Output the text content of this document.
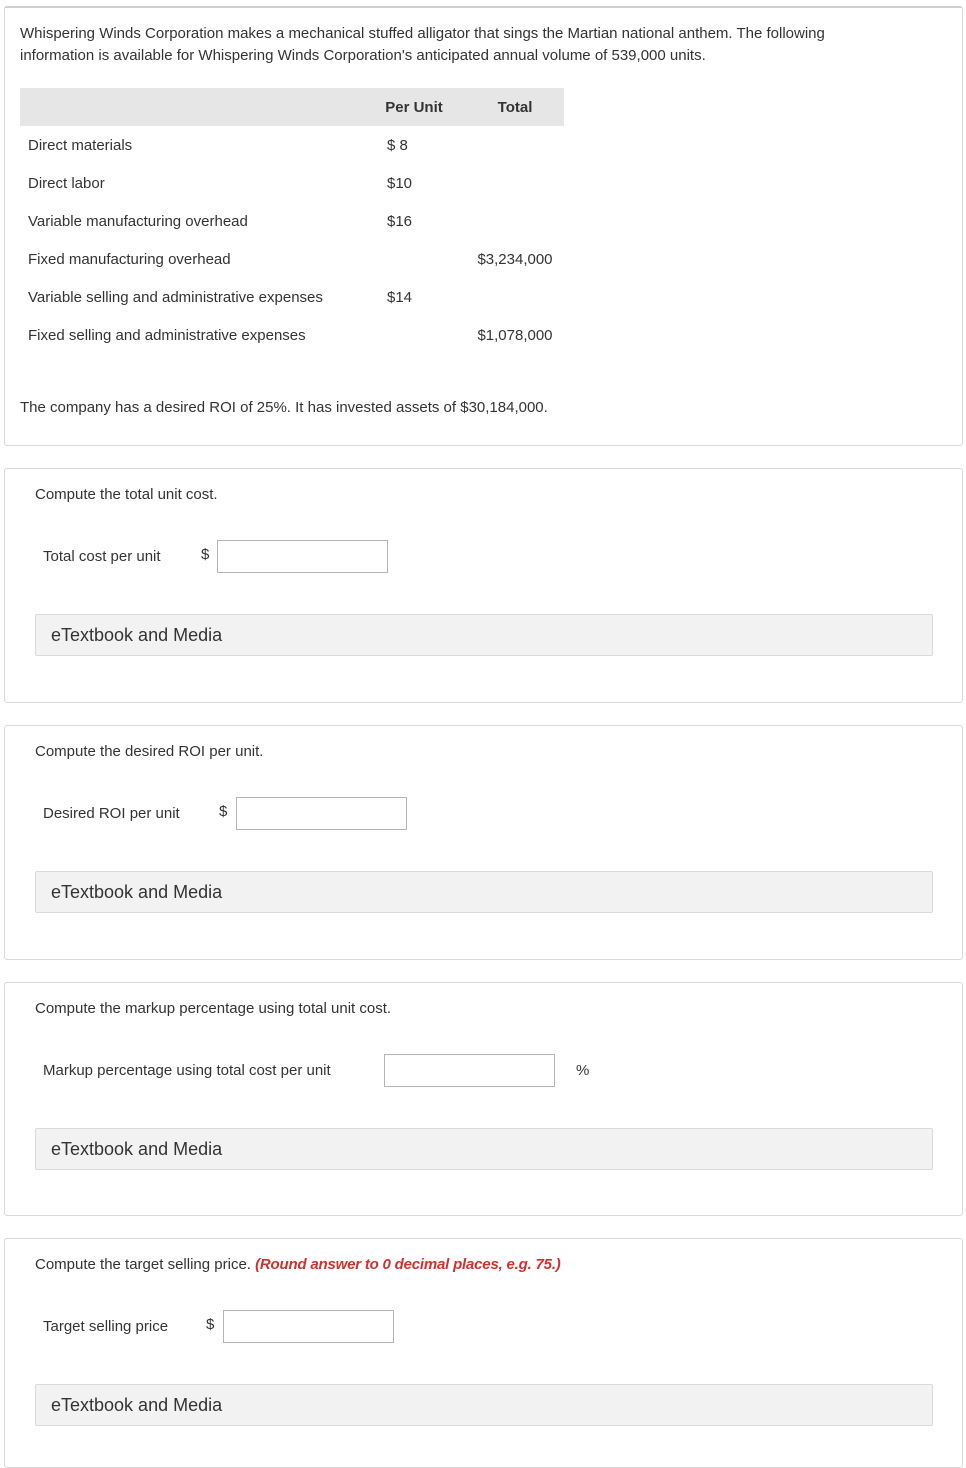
Whispering Winds Corporation makes a mechanical stuffed alligator that sings the Martian national anthem. The following information is available for Whispering Winds Corporation's anticipated annual volume of 539,000 units.

	Per Unit	Total
Direct materials	$ 8	
Direct labor	$10	
Variable manufacturing overhead	$16	
Fixed manufacturing overhead		$3,234,000
Variable selling and administrative expenses	$14	
Fixed selling and administrative expenses		$1,078,000

The company has a desired ROI of 25%. It has invested assets of $30,184,000.

Compute the total unit cost.

Total cost per unit	$
eTextbook and Media

Compute the desired ROI per unit.

Desired ROI per unit	$
eTextbook and Media

Compute the markup percentage using total unit cost.

Markup percentage using total cost per unit	%
eTextbook and Media

Compute the target selling price. (Round answer to 0 decimal places, e.g. 75.)

Target selling price	$
eTextbook and Media
